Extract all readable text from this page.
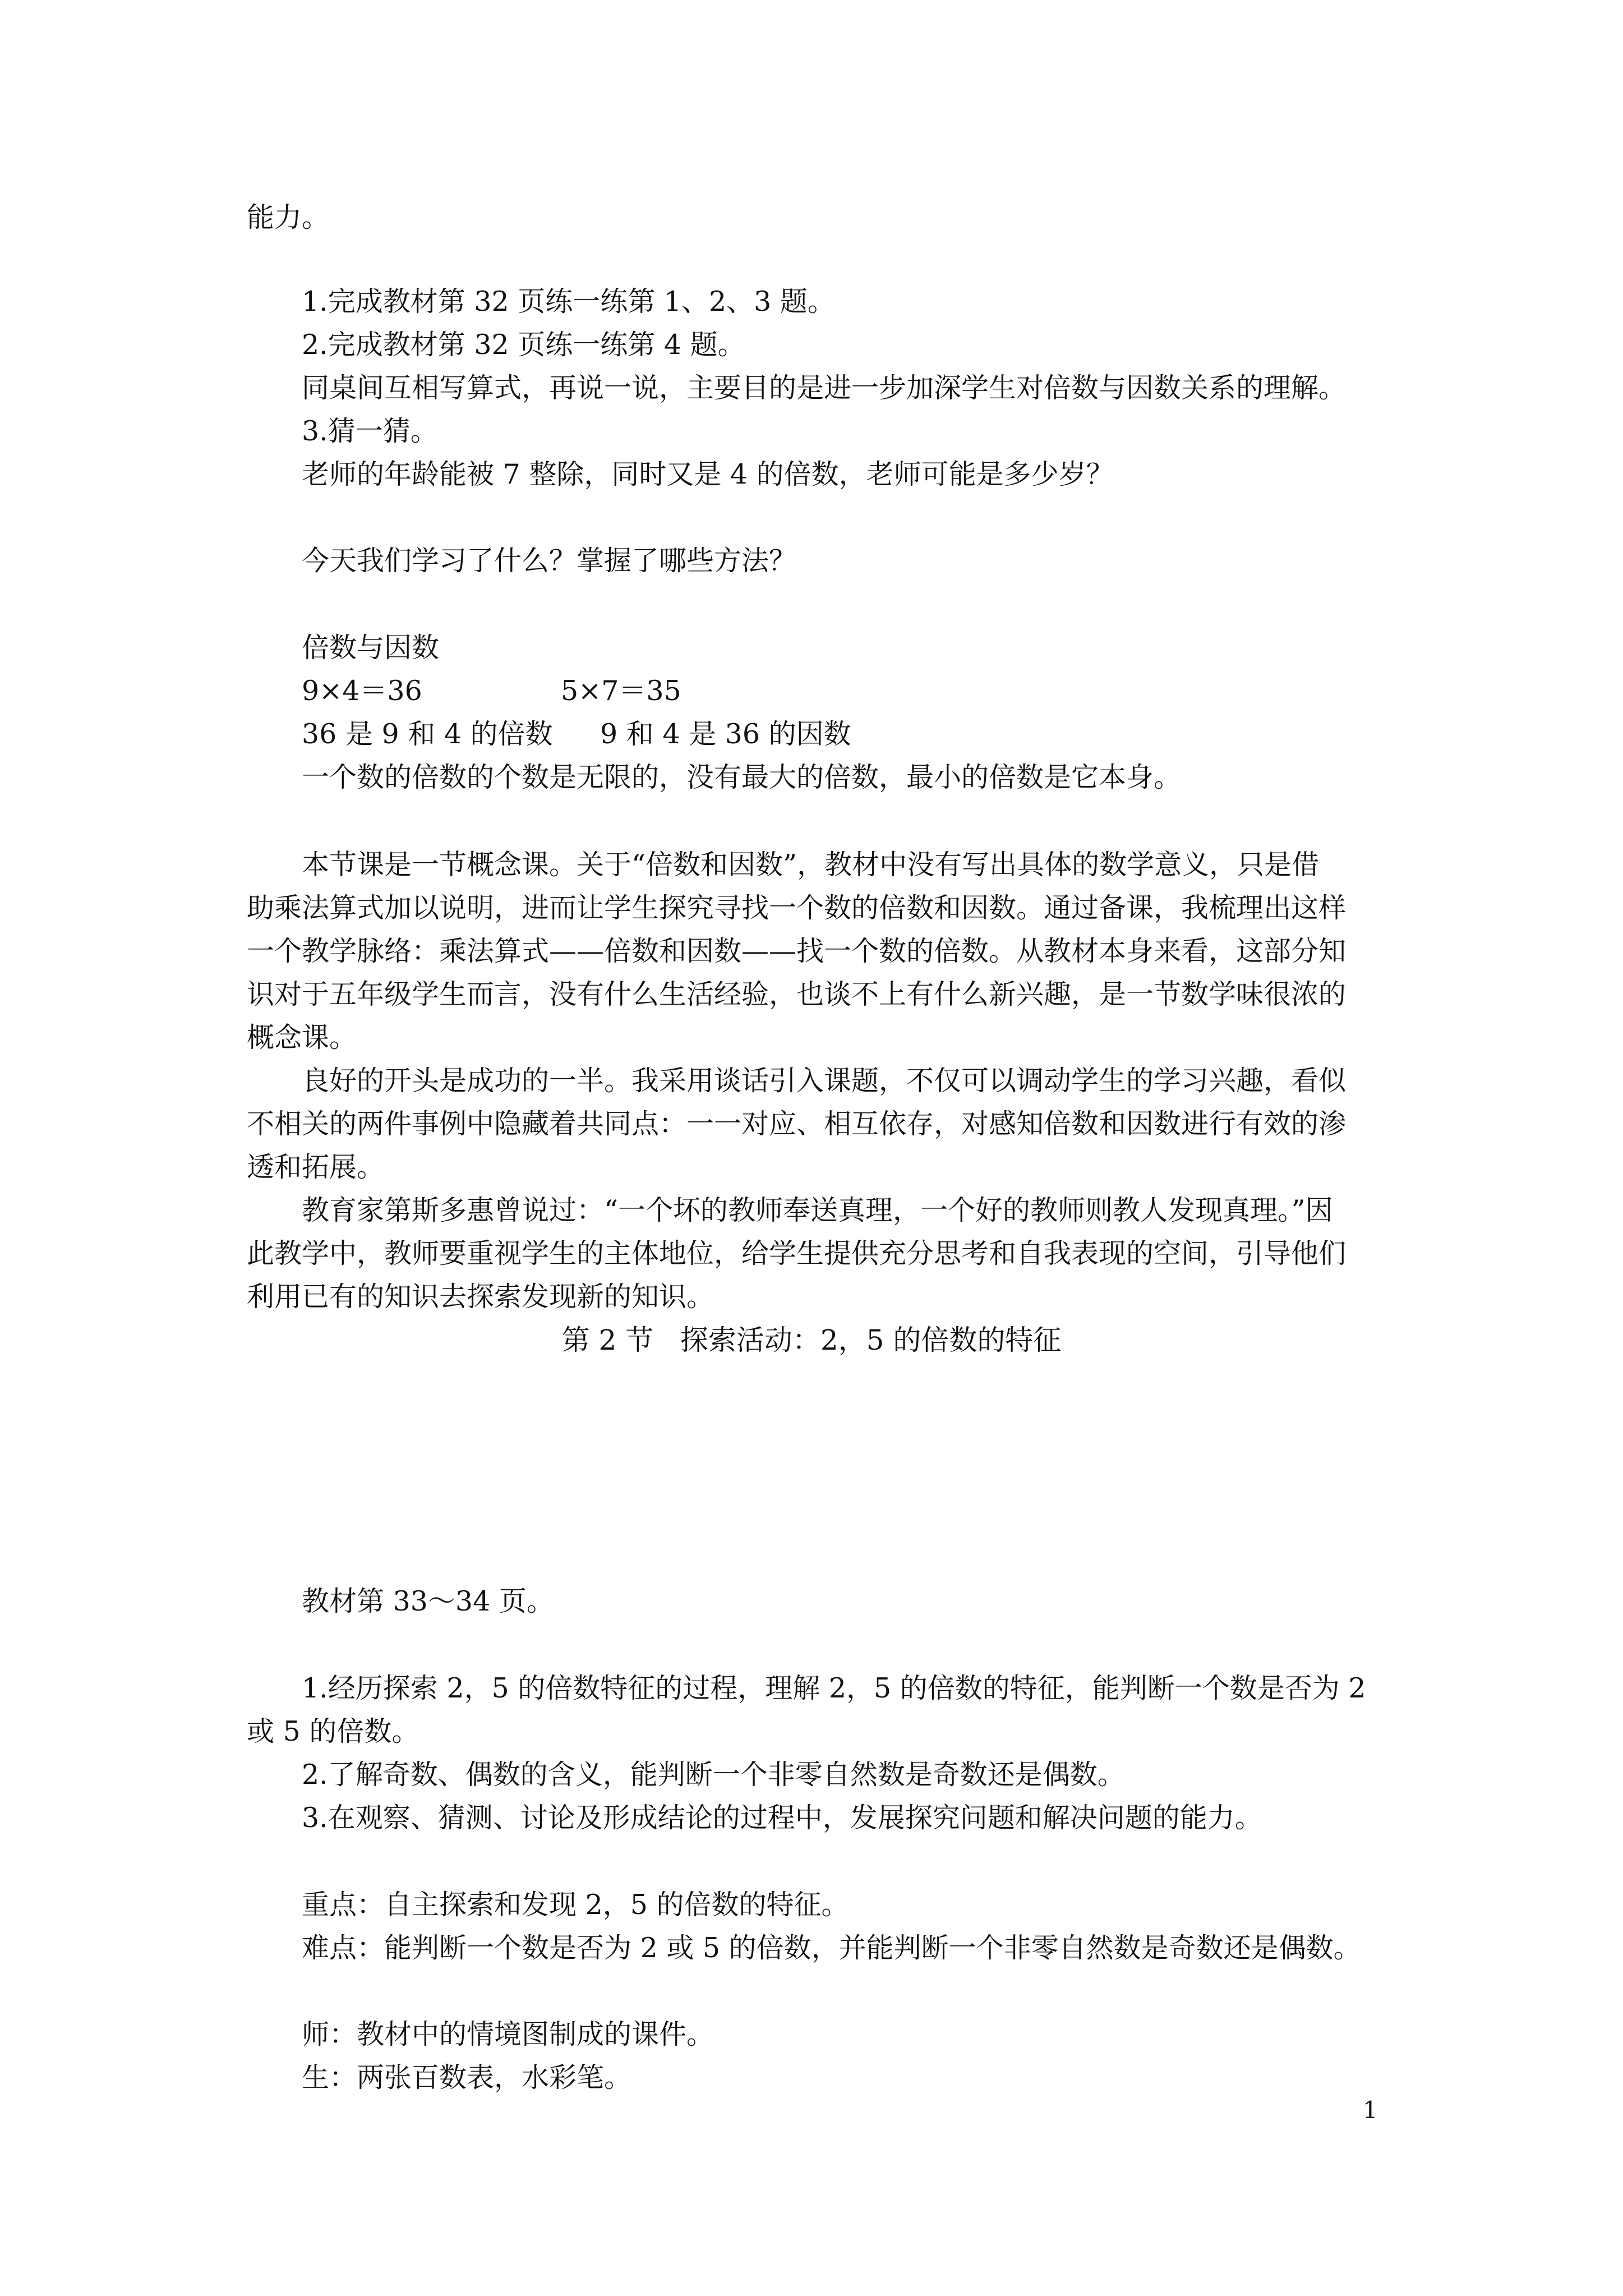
能力。
1.完成教材第 32 页练一练第 1、2、3 题。
2.完成教材第 32 页练一练第 4 题。
同桌间互相写算式，再说一说，主要目的是进一步加深学生对倍数与因数关系的理解。
3.猜一猜。
老师的年龄能被 7 整除，同时又是 4 的倍数，老师可能是多少岁？
今天我们学习了什么？掌握了哪些方法？
倍数与因数
9×4＝36	5×7＝35
36 是 9 和 4 的倍数 9 和 4 是 36 的因数
一个数的倍数的个数是无限的，没有最大的倍数，最小的倍数是它本身。
本节课是一节概念课。关于“倍数和因数”，教材中没有写出具体的数学意义，只是借
助乘法算式加以说明，进而让学生探究寻找一个数的倍数和因数。通过备课，我梳理出这样
一个教学脉络：乘法算式——倍数和因数——找一个数的倍数。从教材本身来看，这部分知
识对于五年级学生而言，没有什么生活经验，也谈不上有什么新兴趣，是一节数学味很浓的
概念课。
良好的开头是成功的一半。我采用谈话引入课题，不仅可以调动学生的学习兴趣，看似
不相关的两件事例中隐藏着共同点：一一对应、相互依存，对感知倍数和因数进行有效的渗
透和拓展。
教育家第斯多惠曾说过：“一个坏的教师奉送真理，一个好的教师则教人发现真理。”因
此教学中，教师要重视学生的主体地位，给学生提供充分思考和自我表现的空间，引导他们
利用已有的知识去探索发现新的知识。
第 2 节   探索活动：2，5 的倍数的特征
教材第 33～34 页。
1.经历探索 2，5 的倍数特征的过程，理解 2，5 的倍数的特征，能判断一个数是否为 2
或 5 的倍数。
2.了解奇数、偶数的含义，能判断一个非零自然数是奇数还是偶数。
3.在观察、猜测、讨论及形成结论的过程中，发展探究问题和解决问题的能力。
重点：自主探索和发现 2，5 的倍数的特征。
难点：能判断一个数是否为 2 或 5 的倍数，并能判断一个非零自然数是奇数还是偶数。
师：教材中的情境图制成的课件。
生：两张百数表，水彩笔。
1
